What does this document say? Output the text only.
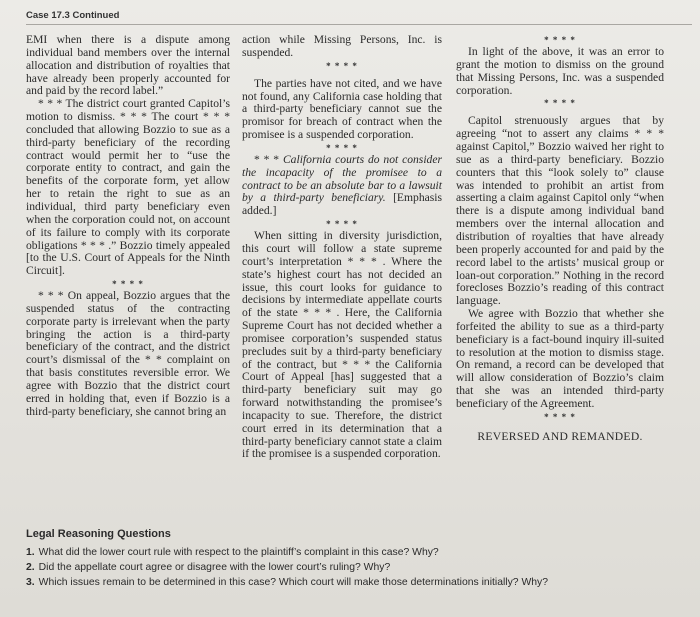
Case 17.3 Continued

EMI when there is a dispute among individual band members over the internal allocation and distribution of royalties that have already been properly accounted for and paid by the record label.”

* * * The district court granted Capitol’s motion to dismiss. * * * The court * * * concluded that allowing Bozzio to sue as a third-party beneficiary of the recording contract would permit her to “use the corporate entity to contract, and gain the benefits of the corporate form, yet allow her to retain the right to sue as an individual, third party beneficiary even when the corporation could not, on account of its failure to comply with its corporate obligations * * * .” Bozzio timely appealed [to the U.S. Court of Appeals for the Ninth Circuit].

* * * *

* * * On appeal, Bozzio argues that the suspended status of the contracting corporate party is irrelevant when the party bringing the action is a third-party beneficiary of the contract, and the district court’s dismissal of the * * complaint on that basis constitutes reversible error. We agree with Bozzio that the district court erred in holding that, even if Bozzio is a third-party beneficiary, she cannot bring an

action while Missing Persons, Inc. is suspended.

* * * *

The parties have not cited, and we have not found, any California case holding that a third-party beneficiary cannot sue the promisor for breach of contract when the promisee is a suspended corporation.

* * * *

* * * California courts do not consider the incapacity of the promisee to a contract to be an absolute bar to a lawsuit by a third-party beneficiary. [Emphasis added.]

* * * *

When sitting in diversity jurisdiction, this court will follow a state supreme court’s interpretation * * * . Where the state’s highest court has not decided an issue, this court looks for guidance to decisions by intermediate appellate courts of the state * * * . Here, the California Supreme Court has not decided whether a promisee corporation’s suspended status precludes suit by a third-party beneficiary of the contract, but * * * the California Court of Appeal [has] suggested that a third-party beneficiary suit may go forward notwithstanding the promisee’s incapacity to sue. Therefore, the district court erred in its determination that a third-party beneficiary cannot state a claim if the promisee is a suspended corporation.

* * * *

In light of the above, it was an error to grant the motion to dismiss on the ground that Missing Persons, Inc. was a suspended corporation.

* * * *

Capitol strenuously argues that by agreeing “not to assert any claims * * * against Capitol,” Bozzio waived her right to sue as a third-party beneficiary. Bozzio counters that this “look solely to” clause was intended to prohibit an artist from asserting a claim against Capitol only “when there is a dispute among individual band members over the internal allocation and distribution of royalties that have already been properly accounted for and paid by the record label to the artists’ musical group or loan-out corporation.” Nothing in the record forecloses Bozzio’s reading of this contract language.

We agree with Bozzio that whether she forfeited the ability to sue as a third-party beneficiary is a fact-bound inquiry ill-suited to resolution at the motion to dismiss stage. On remand, a record can be developed that will allow consideration of Bozzio’s claim that she was an intended third-party beneficiary of the Agreement.

* * * *

REVERSED AND REMANDED.

Legal Reasoning Questions
1. What did the lower court rule with respect to the plaintiff’s complaint in this case? Why?
2. Did the appellate court agree or disagree with the lower court’s ruling? Why?
3. Which issues remain to be determined in this case? Which court will make those determinations initially? Why?
